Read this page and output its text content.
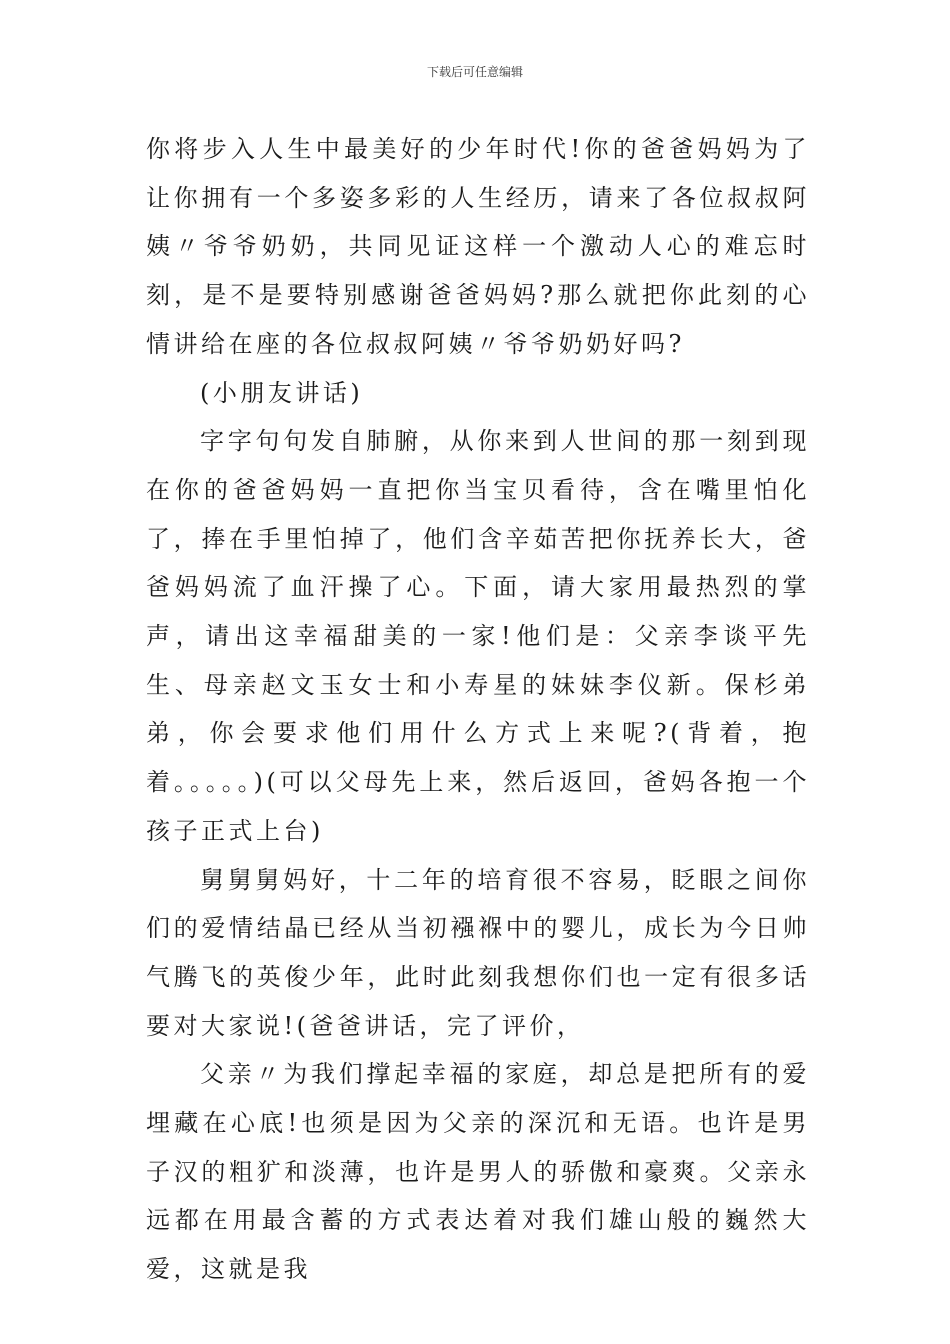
下载后可任意编辑

你将步入人生中最美好的少年时代!你的爸爸妈妈为了让你拥有一个多姿多彩的人生经历，请来了各位叔叔阿姨〃爷爷奶奶，共同见证这样一个激动人心的难忘时刻，是不是要特别感谢爸爸妈妈?那么就把你此刻的心情讲给在座的各位叔叔阿姨〃爷爷奶奶好吗?

(小朋友讲话)

字字句句发自肺腑，从你来到人世间的那一刻到现在你的爸爸妈妈一直把你当宝贝看待，含在嘴里怕化了，捧在手里怕掉了，他们含辛茹苦把你抚养长大，爸爸妈妈流了血汗操了心。下面，请大家用最热烈的掌声，请出这幸福甜美的一家!他们是：父亲李谈平先生、母亲赵文玉女士和小寿星的妹妹李仪新。保杉弟弟，你会要求他们用什么方式上来呢?(背着，抱着。。。。。)(可以父母先上来，然后返回，爸妈各抱一个孩子正式上台)

舅舅舅妈好，十二年的培育很不容易，眨眼之间你们的爱情结晶已经从当初襁褓中的婴儿，成长为今日帅气腾飞的英俊少年，此时此刻我想你们也一定有很多话要对大家说!(爸爸讲话，完了评价，

父亲〃为我们撑起幸福的家庭，却总是把所有的爱埋藏在心底!也须是因为父亲的深沉和无语。也许是男子汉的粗犷和淡薄，也许是男人的骄傲和豪爽。父亲永远都在用最含蓄的方式表达着对我们雄山般的巍然大爱，这就是我
